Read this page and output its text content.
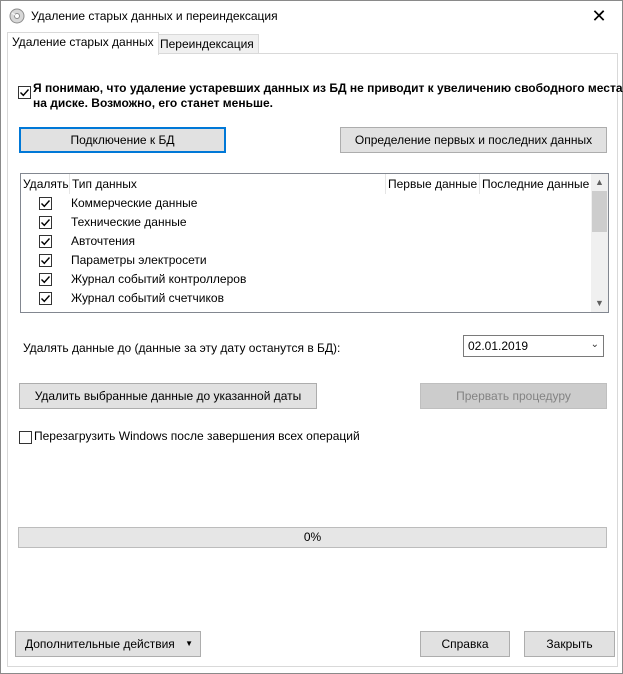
Удаление старых данных и переиндексация	✕
Удаление старых данных Переиндексация
Я понимаю, что удаление устаревших данных из БД не приводит к увеличению свободного места
на диске. Возможно, его станет меньше.
Подключение к БД	Определение первых и последних данных
Удалять Тип данных	Первые данные Последние данные
Коммерческие данные
Технические данные
Авточтения
Параметры электросети
Журнал событий контроллеров
Журнал событий счетчиков
▲
▼
Удалять данные до (данные за эту дату останутся в БД):	02.01.2019	⌄
Удалить выбранные данные до указанной даты	Прервать процедуру
Перезагрузить Windows после завершения всех операций
0%
Дополнительные действия ▼	Справка	Закрыть
